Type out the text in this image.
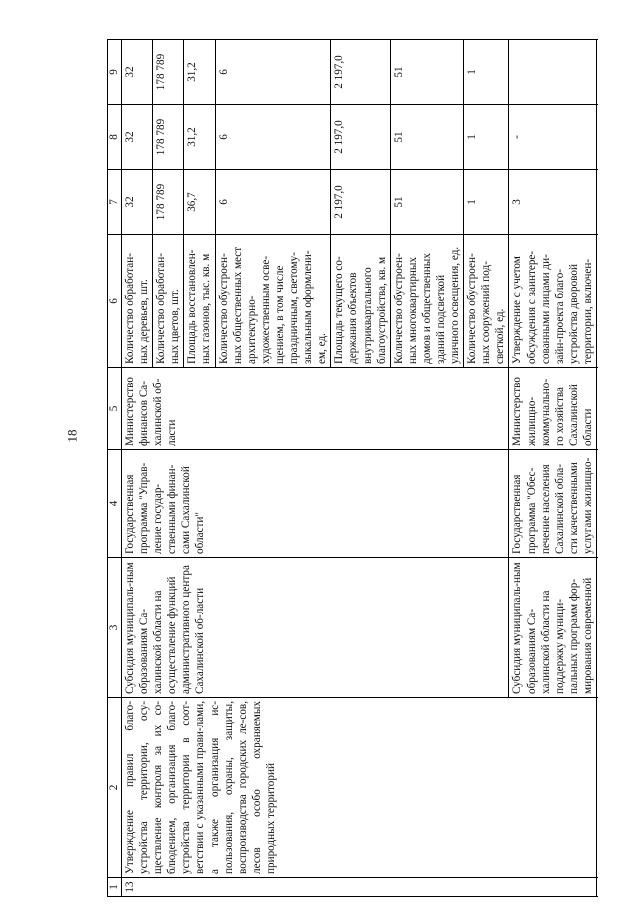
18
1	2	3	4	5	6	7	8	9
13	Утверждение правил благо-устройства территории, осу-ществление контроля за их со-блюдением, организация благо-устройства территории в соот-ветствии с указанными прави-лами, а также организация ис-пользования, охраны, защиты, воспроизводства городских ле-сов, лесов особо охраняемых природных территорий	Субсидия муниципаль-ным образованиям Са-халинской области на осуществление функций административного центра Сахалинской об-ласти	Государственная программа "Управ-ление государ-ственными финан-сами Сахалинской области"	Министерство финансов Са-халинской об-ласти	Количество обработан-ных деревьев, шт.	32	32	32
					Количество обработан-ных цветов, шт.	178 789	178 789	178 789
					Площадь восстановлен-ных газонов, тыс. кв. м	36,7	31,2	31,2
					Количество обустроен-ных общественных мест архитектурно-художественным осве-щением, в том числе праздничным, светому-зыкальным оформлени-ем, ед.	6	6	6
					Площадь текущего со-держания объектов внутриквартального благоустройства, кв. м	2 197,0	2 197,0	2 197,0
					Количество обустроен-ных многоквартирных домов и общественных зданий подсветкой уличного освещения, ед.	51	51	51
					Количество обустроен-ных сооружений под-светкой, ед.	1	1	1
		Субсидия муниципаль-ным образованиям Са-халинской области на поддержку муници-пальных программ фор-мирования современной	Государственная программа "Обес-печение населения Сахалинской обла-сти качественными услугами жилищно-	Министерство жилищно-коммунально-го хозяйства Сахалинской области	Утверждение с учетом обсуждения с заинтере-сованными лицами ди-зайн-проекта благо-устройства дворовой территории, включен-	3	-	
